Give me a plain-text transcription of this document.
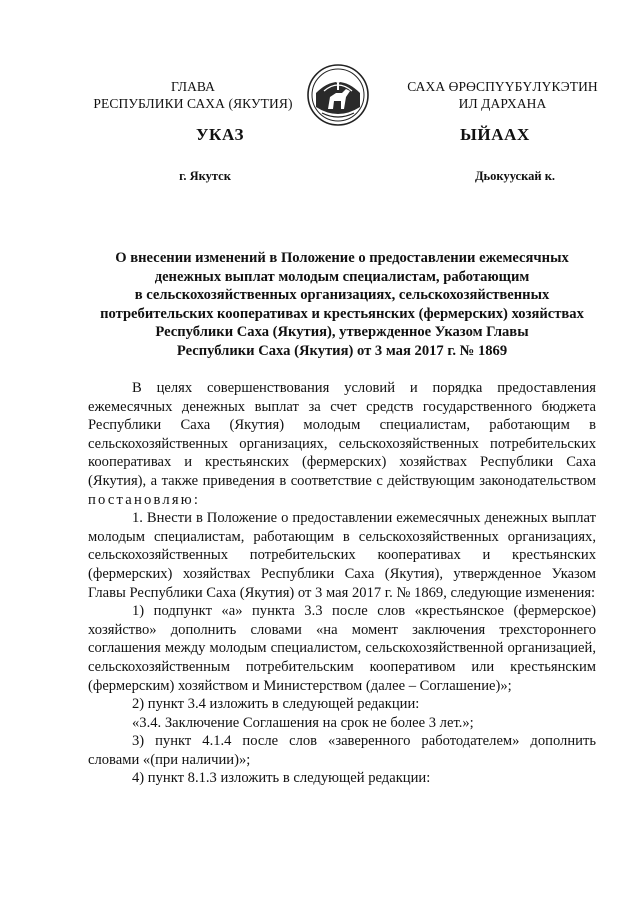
ГЛАВА
РЕСПУБЛИКИ САХА (ЯКУТИЯ)
САХА ӨРӨСПҮҮБҮЛҮКЭТИН
ИЛ ДАРХАНА
УКАЗ	ЫЙААХ
г. Якутск	Дьокуускай к.
О внесении изменений в Положение о предоставлении ежемесячных
денежных выплат молодым специалистам, работающим
в сельскохозяйственных организациях, сельскохозяйственных
потребительских кооперативах и крестьянских (фермерских) хозяйствах
Республики Саха (Якутия), утвержденное Указом Главы
Республики Саха (Якутия) от 3 мая 2017 г. № 1869

В целях совершенствования условий и порядка предоставления ежемесячных денежных выплат за счет средств государственного бюджета Республики Саха (Якутия) молодым специалистам, работающим в сельскохозяйственных организациях, сельскохозяйственных потребительских кооперативах и крестьянских (фермерских) хозяйствах Республики Саха (Якутия), а также приведения в соответствие с действующим законодательством постановляю:

1. Внести в Положение о предоставлении ежемесячных денежных выплат молодым специалистам, работающим в сельскохозяйственных организациях, сельскохозяйственных потребительских кооперативах и крестьянских (фермерских) хозяйствах Республики Саха (Якутия), утвержденное Указом Главы Республики Саха (Якутия) от 3 мая 2017 г. № 1869, следующие изменения:

1) подпункт «а» пункта 3.3 после слов «крестьянское (фермерское) хозяйство» дополнить словами «на момент заключения трехстороннего соглашения между молодым специалистом, сельскохозяйственной организацией, сельскохозяйственным потребительским кооперативом или крестьянским (фермерским) хозяйством и Министерством (далее – Соглашение)»;

2) пункт 3.4 изложить в следующей редакции:

«3.4. Заключение Соглашения на срок не более 3 лет.»;

3) пункт 4.1.4 после слов «заверенного работодателем» дополнить словами «(при наличии)»;

4) пункт 8.1.3 изложить в следующей редакции:
